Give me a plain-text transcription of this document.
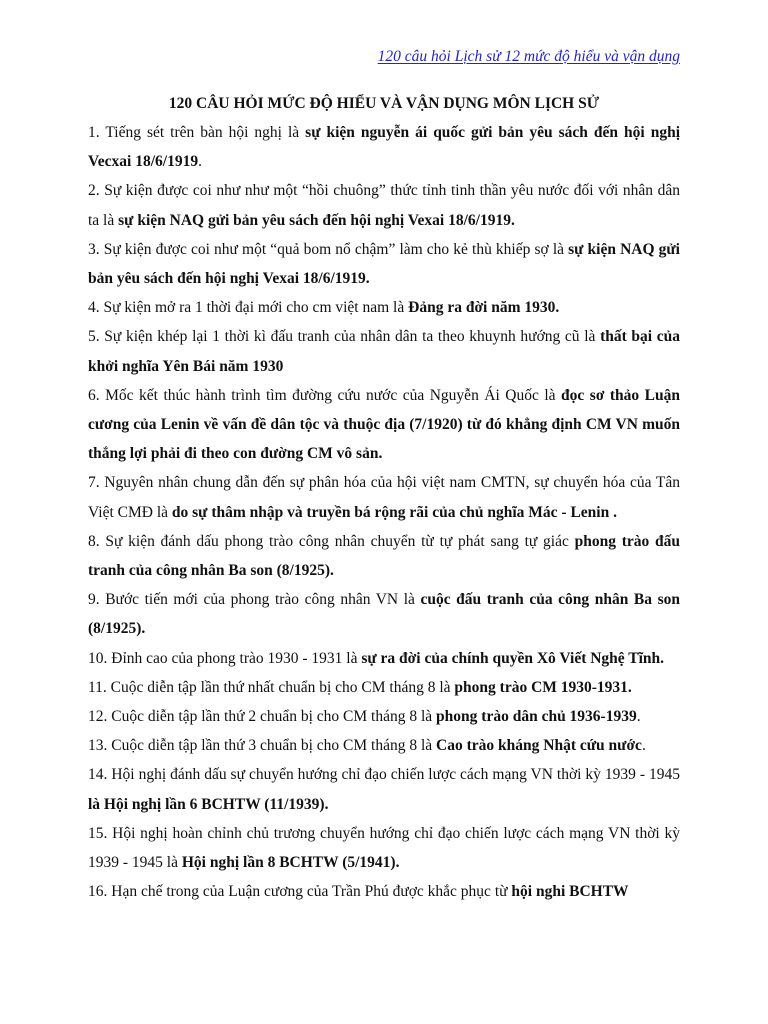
120 câu hỏi Lịch sử 12 mức độ hiểu và vận dụng
120 CÂU HỎI MỨC ĐỘ HIỂU VÀ VẬN DỤNG MÔN LỊCH SỬ

1. Tiếng sét trên bàn hội nghị là sự kiện nguyễn ái quốc gửi bản yêu sách đến hội nghị Vecxai 18/6/1919.

2. Sự kiện được coi như như một “hồi chuông” thức tỉnh tinh thần yêu nước đối với nhân dân ta là sự kiện NAQ gửi bản yêu sách đến hội nghị Vexai 18/6/1919.

3. Sự kiện được coi như một “quả bom nổ chậm” làm cho kẻ thù khiếp sợ là sự kiện NAQ gửi bản yêu sách đến hội nghị Vexai 18/6/1919.

4. Sự kiện mở ra 1 thời đại mới cho cm việt nam là Đảng ra đời năm 1930.

5. Sự kiện khép lại 1 thời kì đấu tranh của nhân dân ta theo khuynh hướng cũ là thất bại của khởi nghĩa Yên Bái năm 1930

6. Mốc kết thúc hành trình tìm đường cứu nước của Nguyễn Ái Quốc là đọc sơ thảo Luận cương của Lenin về vấn đề dân tộc và thuộc địa (7/1920) từ đó khẳng định CM VN muốn thắng lợi phải đi theo con đường CM vô sản.

7. Nguyên nhân chung dẫn đến sự phân hóa của hội việt nam CMTN, sự chuyển hóa của Tân Việt CMĐ là do sự thâm nhập và truyền bá rộng rãi của chủ nghĩa Mác - Lenin .

8. Sự kiện đánh dấu phong trào công nhân chuyển từ tự phát sang tự giác phong trào đấu tranh của công nhân Ba son (8/1925).

9. Bước tiến mới của phong trào công nhân VN là cuộc đấu tranh của công nhân Ba son (8/1925).

10. Đỉnh cao của phong trào 1930 - 1931 là sự ra đời của chính quyền Xô Viết Nghệ Tĩnh.

11. Cuộc diễn tập lần thứ nhất chuẩn bị cho CM tháng 8 là phong trào CM 1930-1931.

12. Cuộc diễn tập lần thứ 2 chuẩn bị cho CM tháng 8 là phong trào dân chủ 1936-1939.

13. Cuộc diễn tập lần thứ 3 chuẩn bị cho CM tháng 8 là Cao trào kháng Nhật cứu nước.

14. Hội nghị đánh dấu sự chuyển hướng chỉ đạo chiến lược cách mạng VN thời kỳ 1939 - 1945 là Hội nghị lần 6 BCHTW (11/1939).

15. Hội nghị hoàn chỉnh chủ trương chuyển hướng chỉ đạo chiến lược cách mạng VN thời kỳ 1939 - 1945 là Hội nghị lần 8 BCHTW (5/1941).

16. Hạn chế trong của Luận cương của Trần Phú được khắc phục từ hội nghi BCHTW
